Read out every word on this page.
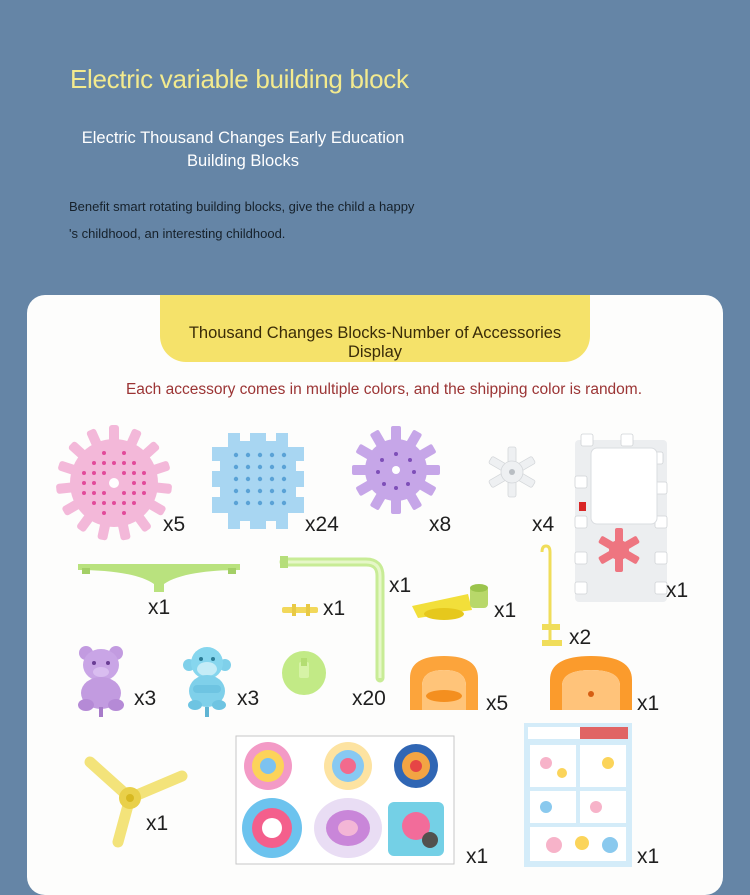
Electric variable building block
Electric Thousand Changes Early Education Building Blocks
Benefit smart rotating building blocks, give the child a happy
's childhood, an interesting childhood.
Thousand Changes Blocks-Number of Accessories Display
Each accessory comes in multiple colors, and the shipping color is random.
x5	x24	x8	x4
x1
x1	x1
x1
x1
x2
x3	x3	x20	x5	x1
x1
x1	x1
